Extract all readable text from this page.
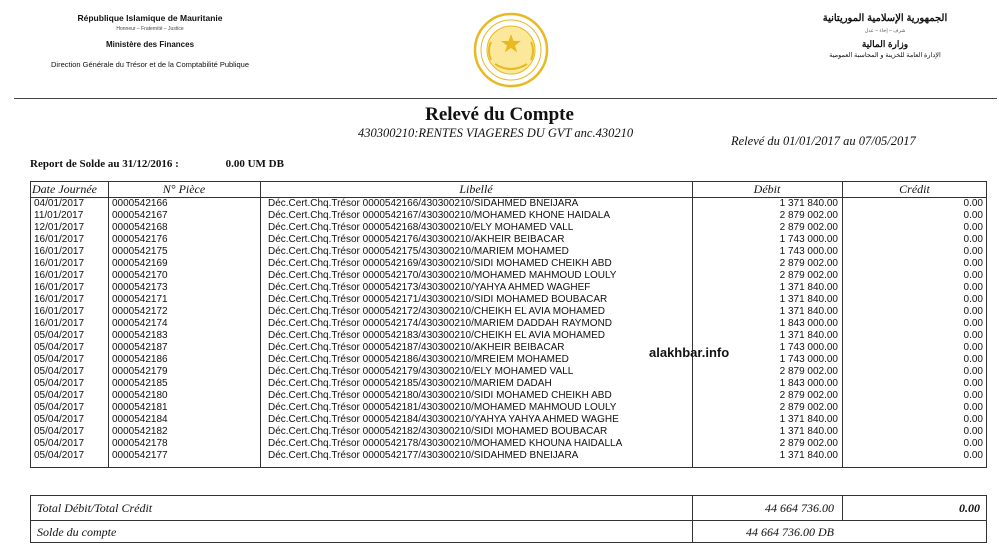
République Islamique de Mauritanie
Honneur – Fraternité – Justice
Ministère des Finances
Direction Générale du Trésor et de la Comptabilité Publique
الجمهورية الإسلامية الموريتانية
شرف – إخاء – عدل
وزارة المالية
الإدارة العامة للخزينة و المحاسبة العمومية
Relevé du Compte
430300210:RENTES VIAGERES DU GVT anc.430210
Relevé du 01/01/2017 au 07/05/2017
Report de Solde au 31/12/2016 :	0.00 UM DB
Date Journée	N° Pièce	Libellé	Débit	Crédit
04/01/2017	0000542166	Déc.Cert.Chq.Trésor 0000542166/430300210/SIDAHMED BNEIJARA	1 371 840.00	0.00
11/01/2017	0000542167	Déc.Cert.Chq.Trésor 0000542167/430300210/MOHAMED KHONE HAIDALA	2 879 002.00	0.00
12/01/2017	0000542168	Déc.Cert.Chq.Trésor 0000542168/430300210/ELY MOHAMED VALL	2 879 002.00	0.00
16/01/2017	0000542176	Déc.Cert.Chq.Trésor 0000542176/430300210/AKHEIR BEIBACAR	1 743 000.00	0.00
16/01/2017	0000542175	Déc.Cert.Chq.Trésor 0000542175/430300210/MARIEM MOHAMED	1 743 000.00	0.00
16/01/2017	0000542169	Déc.Cert.Chq.Trésor 0000542169/430300210/SIDI MOHAMED CHEIKH ABD	2 879 002.00	0.00
16/01/2017	0000542170	Déc.Cert.Chq.Trésor 0000542170/430300210/MOHAMED MAHMOUD LOULY	2 879 002.00	0.00
16/01/2017	0000542173	Déc.Cert.Chq.Trésor 0000542173/430300210/YAHYA AHMED WAGHEF	1 371 840.00	0.00
16/01/2017	0000542171	Déc.Cert.Chq.Trésor 0000542171/430300210/SIDI MOHAMED BOUBACAR	1 371 840.00	0.00
16/01/2017	0000542172	Déc.Cert.Chq.Trésor 0000542172/430300210/CHEIKH EL AVIA MOHAMED	1 371 840.00	0.00
16/01/2017	0000542174	Déc.Cert.Chq.Trésor 0000542174/430300210/MARIEM DADDAH RAYMOND	1 843 000.00	0.00
05/04/2017	0000542183	Déc.Cert.Chq.Trésor 0000542183/430300210/CHEIKH EL AVIA MOHAMED	1 371 840.00	0.00
05/04/2017	0000542187	Déc.Cert.Chq.Trésor 0000542187/430300210/AKHEIR BEIBACAR	1 743 000.00	0.00
05/04/2017	0000542186	Déc.Cert.Chq.Trésor 0000542186/430300210/MREIEM MOHAMED	1 743 000.00	0.00
05/04/2017	0000542179	Déc.Cert.Chq.Trésor 0000542179/430300210/ELY MOHAMED VALL	2 879 002.00	0.00
05/04/2017	0000542185	Déc.Cert.Chq.Trésor 0000542185/430300210/MARIEM DADAH	1 843 000.00	0.00
05/04/2017	0000542180	Déc.Cert.Chq.Trésor 0000542180/430300210/SIDI MOHAMED CHEIKH ABD	2 879 002.00	0.00
05/04/2017	0000542181	Déc.Cert.Chq.Trésor 0000542181/430300210/MOHAMED MAHMOUD LOULY	2 879 002.00	0.00
05/04/2017	0000542184	Déc.Cert.Chq.Trésor 0000542184/430300210/YAHYA YAHYA AHMED WAGHE	1 371 840.00	0.00
05/04/2017	0000542182	Déc.Cert.Chq.Trésor 0000542182/430300210/SIDI MOHAMED BOUBACAR	1 371 840.00	0.00
05/04/2017	0000542178	Déc.Cert.Chq.Trésor 0000542178/430300210/MOHAMED KHOUNA HAIDALLA	2 879 002.00	0.00
05/04/2017	0000542177	Déc.Cert.Chq.Trésor 0000542177/430300210/SIDAHMED BNEIJARA	1 371 840.00	0.00
alakhbar.info
Total Débit/Total Crédit	44 664 736.00	0.00
Solde du compte	44 664 736.00 DB
